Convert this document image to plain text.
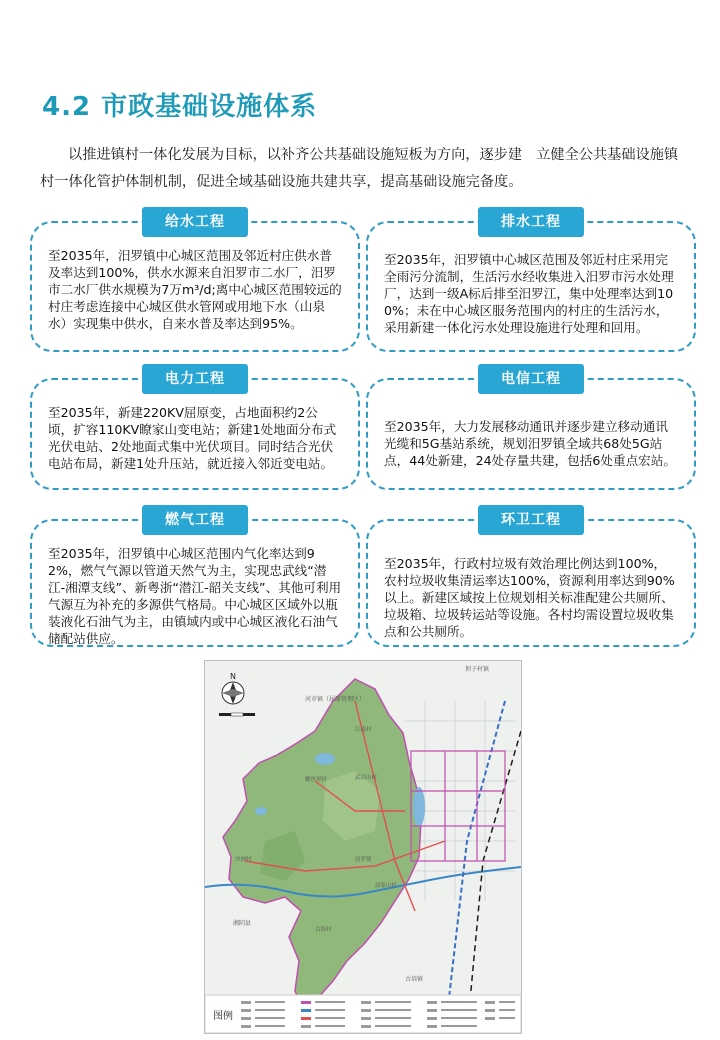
4.2 市政基础设施体系

以推进镇村一体化发展为目标，以补齐公共基础设施短板为方向，逐步建　立健全公共基础设施镇村一体化管护体制机制，促进全域基础设施共建共享，提高基础设施完备度。

给水工程

至2035年，汨罗镇中心城区范围及邻近村庄供水普及率达到100%，供水水源来自汨罗市二水厂，汨罗市二水厂供水规模为7万m³/d;离中心城区范围较远的村庄考虑连接中心城区供水管网或用地下水（山泉水）实现集中供水，自来水普及率达到95%。

排水工程

至2035年，汨罗镇中心城区范围及邻近村庄采用完全雨污分流制，生活污水经收集进入汨罗市污水处理厂，达到一级A标后排至汨罗江，集中处理率达到100%；未在中心城区服务范围内的村庄的生活污水，采用新建一体化污水处理设施进行处理和回用。

电力工程

至2035年，新建220KV屈原变，占地面积约2公顷，扩容110KV瞭家山变电站；新建1处地面分布式光伏电站、2处地面式集中光伏项目。同时结合光伏电站布局，新建1处升压站，就近接入邻近变电站。

电信工程

至2035年，大力发展移动通讯并逐步建立移动通讯光缆和5G基站系统，规划汨罗镇全域共68处5G站点，44处新建，24处存量共建，包括6处重点宏站。

燃气工程

至2035年，汨罗镇中心城区范围内气化率达到92%，燃气气源以管道天然气为主，实现忠武线“潜江-湘潭支线”、新粤浙“潜江-韶关支线”、其他可利用气源互为补充的多源供气格局。中心城区区域外以瓶装液化石油气为主，由镇域内或中心城区液化石油气储配站供应。

环卫工程

至2035年，行政村垃圾有效治理比例达到100%，农村垃圾收集清运率达100%，资源利用率达到90%以上。新建区域按上位规划相关标准配建公共厕所、垃圾箱、垃圾转运站等设施。各村均需设置垃圾收集点和公共厕所。

河市镇（屈原管理区）
湘阴县
古培镇
螺丝形村	武昌山村
江南村
汨罗镇
沙洲村
古海村
屈原山村
坝子村镇
N
图例
